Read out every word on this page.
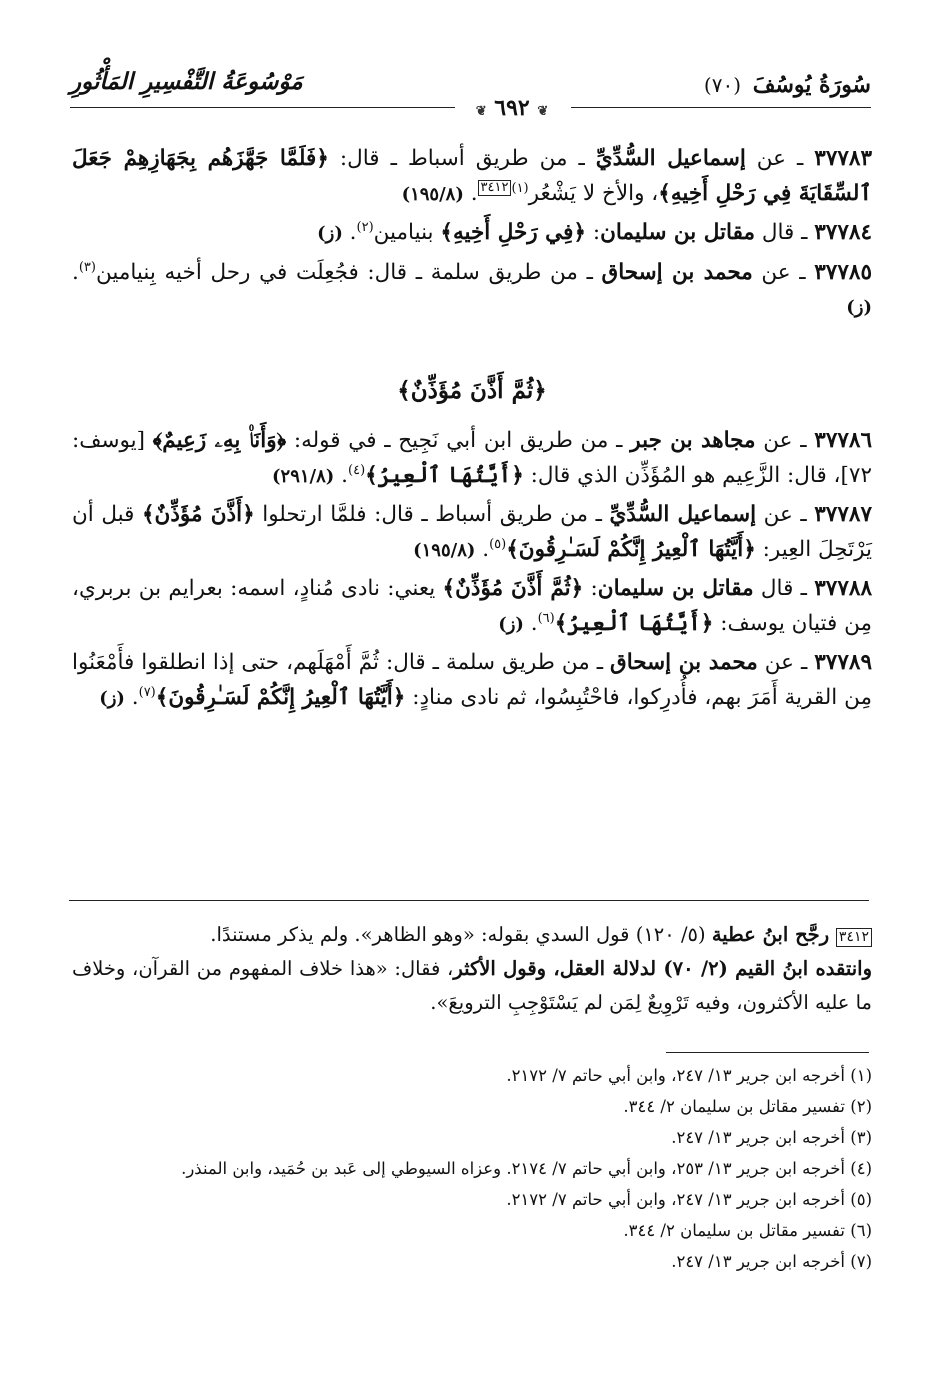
سُورَةُ يُوسُفَ (٧٠)
مَوْسُوعَةُ التَّفْسِيرِ المَأْثُورِ
❦ ٦٩٢ ❦

٣٧٧٨٣ ـ عن إسماعيل السُّدِّيِّ ـ من طريق أسباط ـ قال: ﴿فَلَمَّا جَهَّزَهُم بِجَهَازِهِمْ جَعَلَ ٱلسِّقَايَةَ فِي رَحْلِ أَخِيهِ﴾، والأخ لا يَشْعُر$^{(١)}$٣٤١٢. (١٩٥/٨)

٣٧٧٨٤ ـ قال مقاتل بن سليمان: ﴿فِي رَحْلِ أَخِيهِ﴾ بنيامين$^{(٢)}$. (ز)

٣٧٧٨٥ ـ عن محمد بن إسحاق ـ من طريق سلمة ـ قال: فجُعِلَت في رحل أخيه بِنيامين$^{(٣)}$. (ز)

﴿ثُمَّ أَذَّنَ مُؤَذِّنٌ﴾

٣٧٧٨٦ ـ عن مجاهد بن جبر ـ من طريق ابن أبي نَجِيح ـ في قوله: ﴿وَأَنَا۠ بِهِۦ زَعِيمٌ﴾ [يوسف: ٧٢]، قال: الزَّعِيم هو المُؤَذِّن الذي قال: ﴿أَيَّتُهَا ٱلْعِيرُ﴾$^{(٤)}$. (٢٩١/٨)

٣٧٧٨٧ ـ عن إسماعيل السُّدِّيِّ ـ من طريق أسباط ـ قال: فلمَّا ارتحلوا ﴿أَذَّنَ مُؤَذِّنٌ﴾ قبل أن يَرْتَحِلَ العِير: ﴿أَيَّتُهَا ٱلْعِيرُ إِنَّكُمْ لَسَـٰرِقُونَ﴾$^{(٥)}$. (١٩٥/٨)

٣٧٧٨٨ ـ قال مقاتل بن سليمان: ﴿ثُمَّ أَذَّنَ مُؤَذِّنٌ﴾ يعني: نادى مُنادٍ، اسمه: بعرايم بن بربري، مِن فتيان يوسف: ﴿أَيَّتُهَا ٱلْعِيرُ﴾$^{(٦)}$. (ز)

٣٧٧٨٩ ـ عن محمد بن إسحاق ـ من طريق سلمة ـ قال: ثُمَّ أَمْهَلَهم، حتى إذا انطلقوا فأَمْعَنُوا مِن القرية أَمَرَ بهم، فأُدرِكوا، فاحْتُبِسُوا، ثم نادى منادٍ: ﴿أَيَّتُهَا ٱلْعِيرُ إِنَّكُمْ لَسَـٰرِقُونَ﴾$^{(٧)}$. (ز)

٣٤١٢ رجَّح ابنُ عطية (٥/ ١٢٠) قول السدي بقوله: «وهو الظاهر». ولم يذكر مستندًا.

وانتقده ابنُ القيم (٢/ ٧٠) لدلالة العقل، وقول الأكثر، فقال: «هذا خلاف المفهوم من القرآن، وخلاف ما عليه الأكثرون، وفيه تَرْوِيعٌ لِمَن لم يَسْتَوْجِبِ الترويعَ».

(١) أخرجه ابن جرير ١٣/ ٢٤٧، وابن أبي حاتم ٧/ ٢١٧٢.

(٢) تفسير مقاتل بن سليمان ٢/ ٣٤٤.

(٣) أخرجه ابن جرير ١٣/ ٢٤٧.

(٤) أخرجه ابن جرير ١٣/ ٢٥٣، وابن أبي حاتم ٧/ ٢١٧٤. وعزاه السيوطي إلى عَبد بن حُمَيد، وابن المنذر.

(٥) أخرجه ابن جرير ١٣/ ٢٤٧، وابن أبي حاتم ٧/ ٢١٧٢.

(٦) تفسير مقاتل بن سليمان ٢/ ٣٤٤.

(٧) أخرجه ابن جرير ١٣/ ٢٤٧.
